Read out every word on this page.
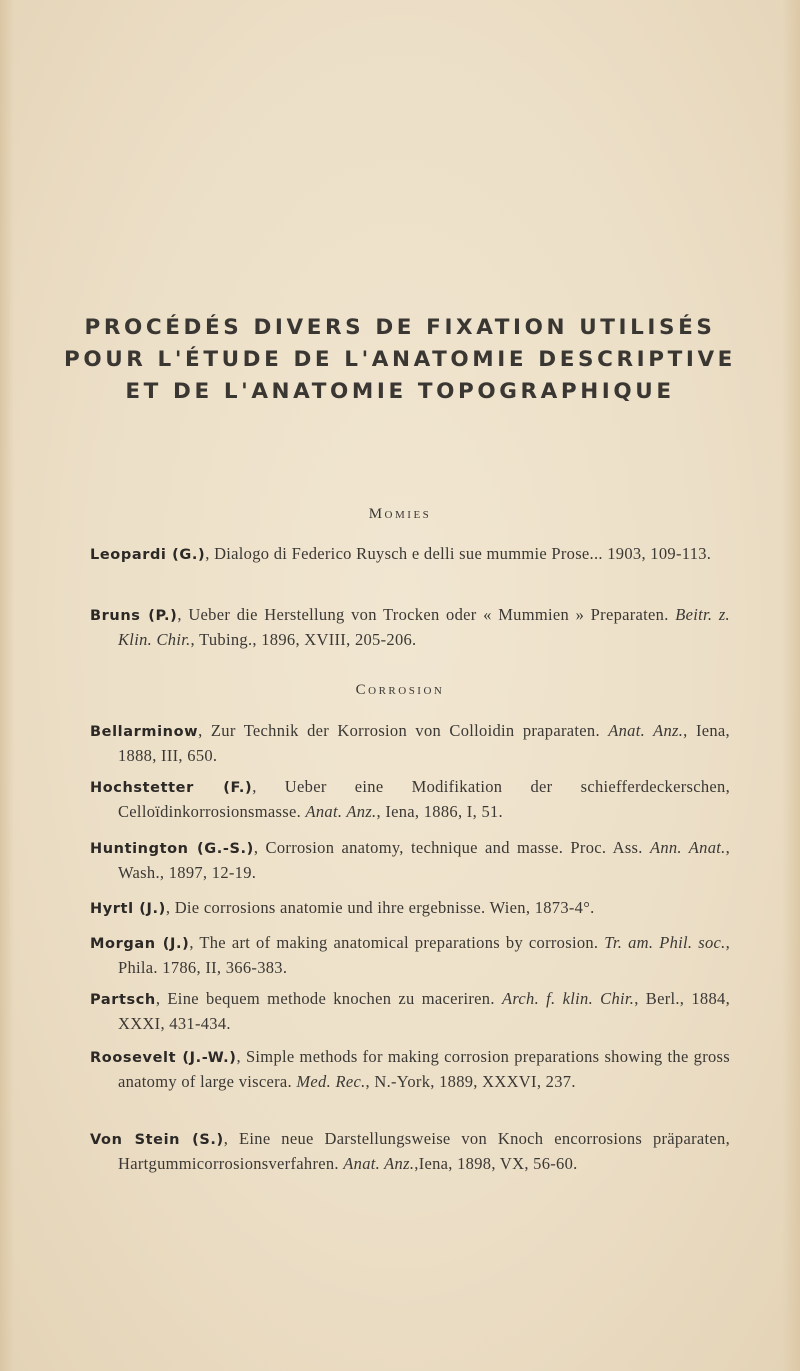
PROCÉDÉS DIVERS DE FIXATION UTILISÉS
POUR L'ÉTUDE DE L'ANATOMIE DESCRIPTIVE
ET DE L'ANATOMIE TOPOGRAPHIQUE
Momies
Leopardi (G.), Dialogo di Federico Ruysch e delli sue mummie Prose... 1903, 109-113.
Bruns (P.), Ueber die Herstellung von Trocken oder « Mummien » Preparaten. Beitr. z. Klin. Chir., Tubing., 1896, XVIII, 205-206.
Corrosion
Bellarminow, Zur Technik der Korrosion von Colloidin praparaten. Anat. Anz., Iena, 1888, III, 650.
Hochstetter (F.), Ueber eine Modifikation der schiefferdeckerschen, Celloïdinkorrosionsmasse. Anat. Anz., Iena, 1886, I, 51.
Huntington (G.-S.), Corrosion anatomy, technique and masse. Proc. Ass. Ann. Anat., Wash., 1897, 12-19.
Hyrtl (J.), Die corrosions anatomie und ihre ergebnisse. Wien, 1873-4°.
Morgan (J.), The art of making anatomical preparations by corrosion. Tr. am. Phil. soc., Phila. 1786, II, 366-383.
Partsch, Eine bequem methode knochen zu maceriren. Arch. f. klin. Chir., Berl., 1884, XXXI, 431-434.
Roosevelt (J.-W.), Simple methods for making corrosion preparations showing the gross anatomy of large viscera. Med. Rec., N.-York, 1889, XXXVI, 237.
Von Stein (S.), Eine neue Darstellungsweise von Knoch encorrosions präparaten, Hartgummicorrosionsverfahren. Anat. Anz.,Iena, 1898, VX, 56-60.
